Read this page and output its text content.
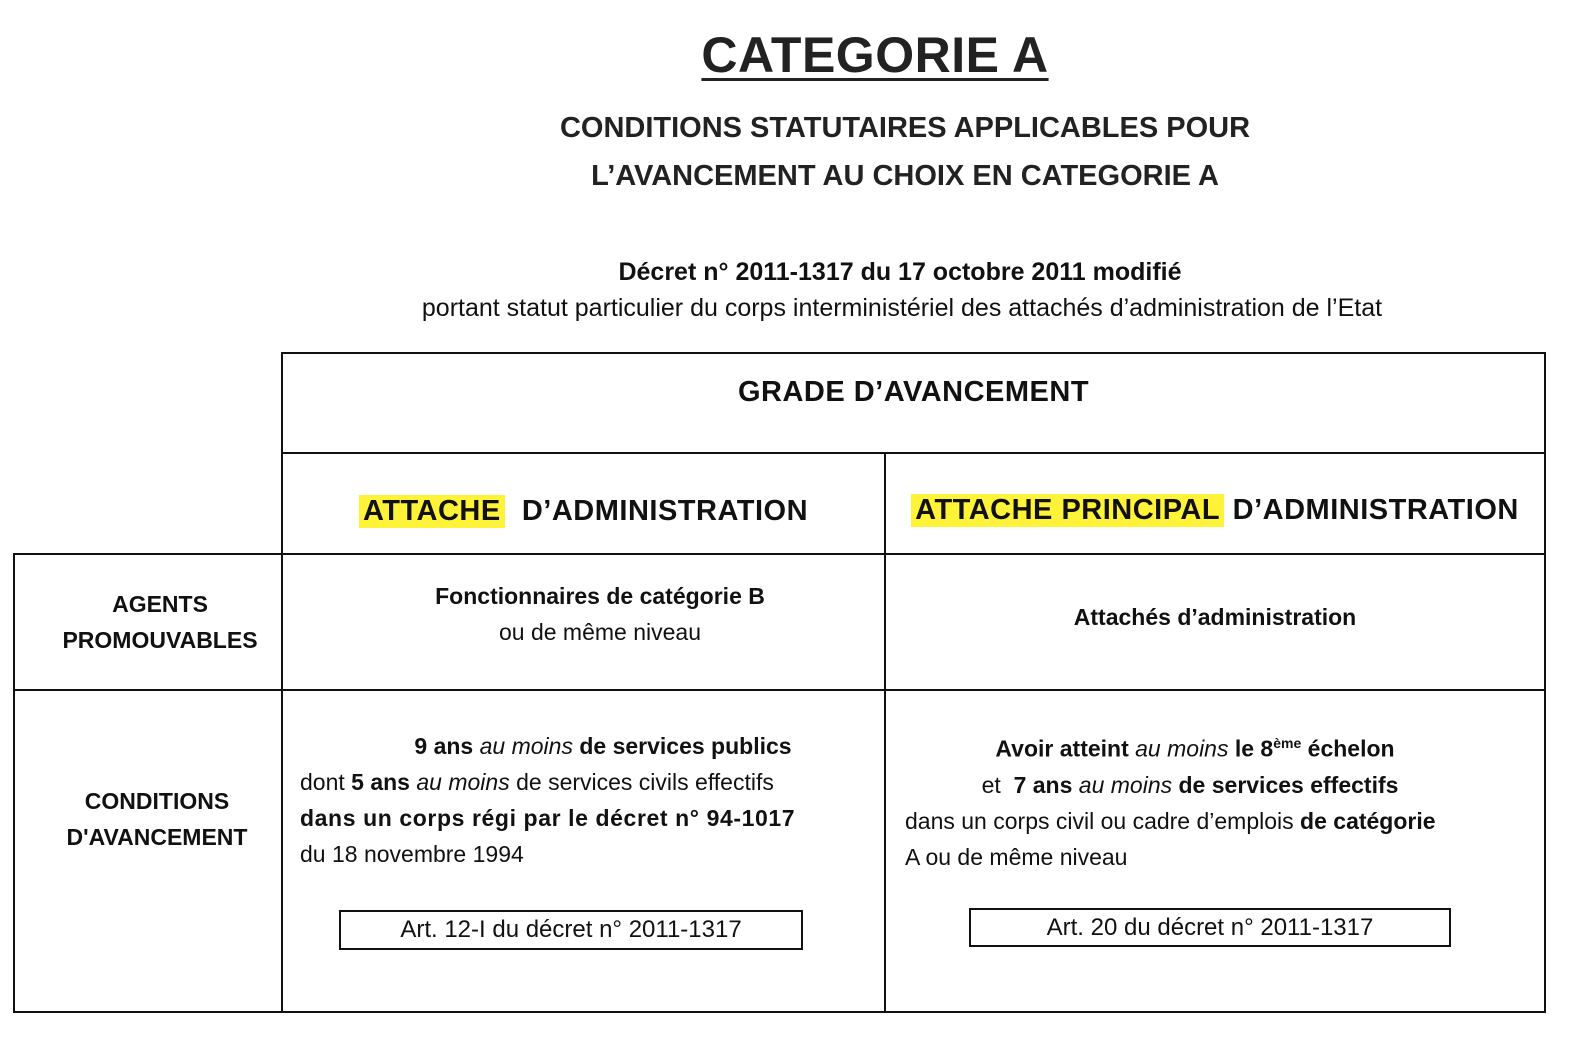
CATEGORIE A
CONDITIONS STATUTAIRES APPLICABLES POUR
L’AVANCEMENT AU CHOIX EN CATEGORIE A
Décret n° 2011-1317 du 17 octobre 2011 modifié
portant statut particulier du corps interministériel des attachés d’administration de l’Etat
GRADE D’AVANCEMENT
ATTACHE
D’ADMINISTRATION	ATTACHE PRINCIPAL
D’ADMINISTRATION
AGENTS
PROMOUVABLES
Fonctionnaires de catégorie B
ou de même niveau
Attachés d’administration
CONDITIONS
D'AVANCEMENT
9 ans au moins de services publics
dont 5 ans au moins de services civils effectifs
dans un corps régi par le décret n° 94-1017
du 18 novembre 1994
Art. 12-I du décret n° 2011-1317
Avoir atteint au moins le 8ème échelon
et 7 ans au moins de services effectifs
dans un corps civil ou cadre d’emplois de catégorie
A ou de même niveau
Art. 20 du décret n° 2011-1317
